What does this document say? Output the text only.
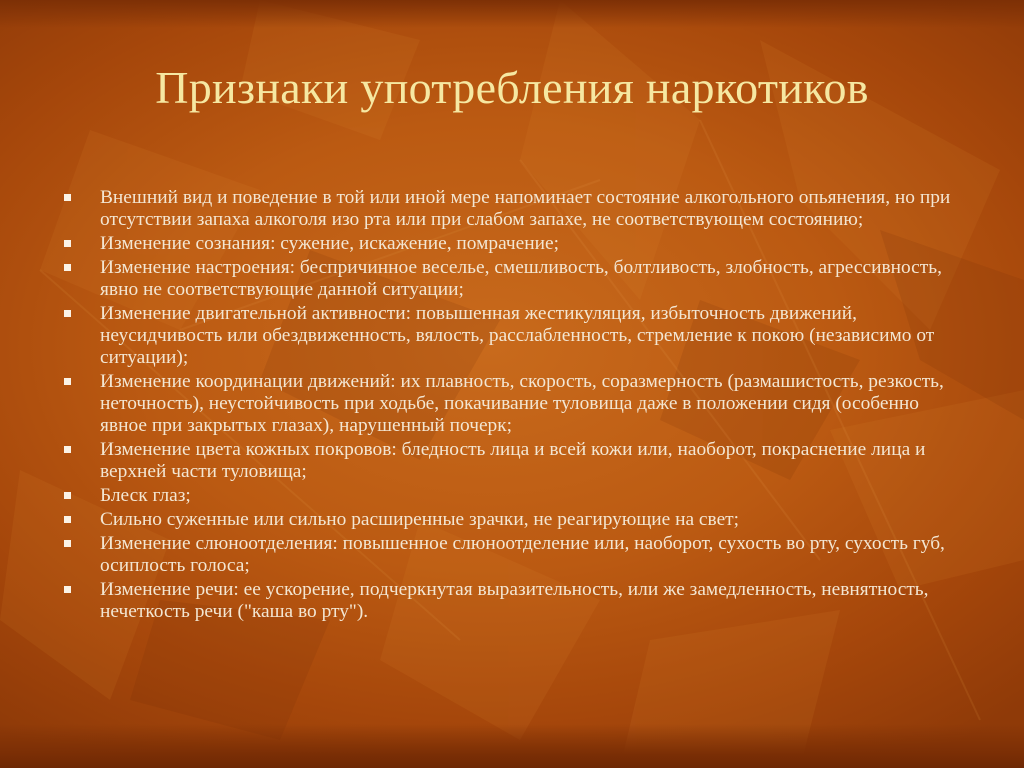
Признаки употребления наркотиков
Внешний вид и поведение в той или иной мере напоминает состояние алкогольного опьянения, но при отсутствии запаха алкоголя изо рта или при слабом запахе, не соответствующем состоянию;
Изменение сознания: сужение, искажение, помрачение;
Изменение настроения: беспричинное веселье, смешливость, болтливость, злобность, агрессивность, явно не соответствующие данной ситуации;
Изменение двигательной активности: повышенная жестикуляция, избыточность движений, неусидчивость или обездвиженность, вялость, расслабленность, стремление к покою (независимо от ситуации);
Изменение координации движений: их плавность, скорость, соразмерность (размашистость, резкость, неточность), неустойчивость при ходьбе, покачивание туловища даже в положении сидя (особенно явное при закрытых глазах), нарушенный почерк;
Изменение цвета кожных покровов: бледность лица и всей кожи или, наоборот, покраснение лица и верхней части туловища;
Блеск глаз;
Сильно суженные или сильно расширенные зрачки, не реагирующие на свет;
Изменение слюноотделения: повышенное слюноотделение или, наоборот, сухость во рту, сухость губ, осиплость голоса;
Изменение речи: ее ускорение, подчеркнутая выразительность, или же замедленность, невнятность, нечеткость речи ("каша во рту").
